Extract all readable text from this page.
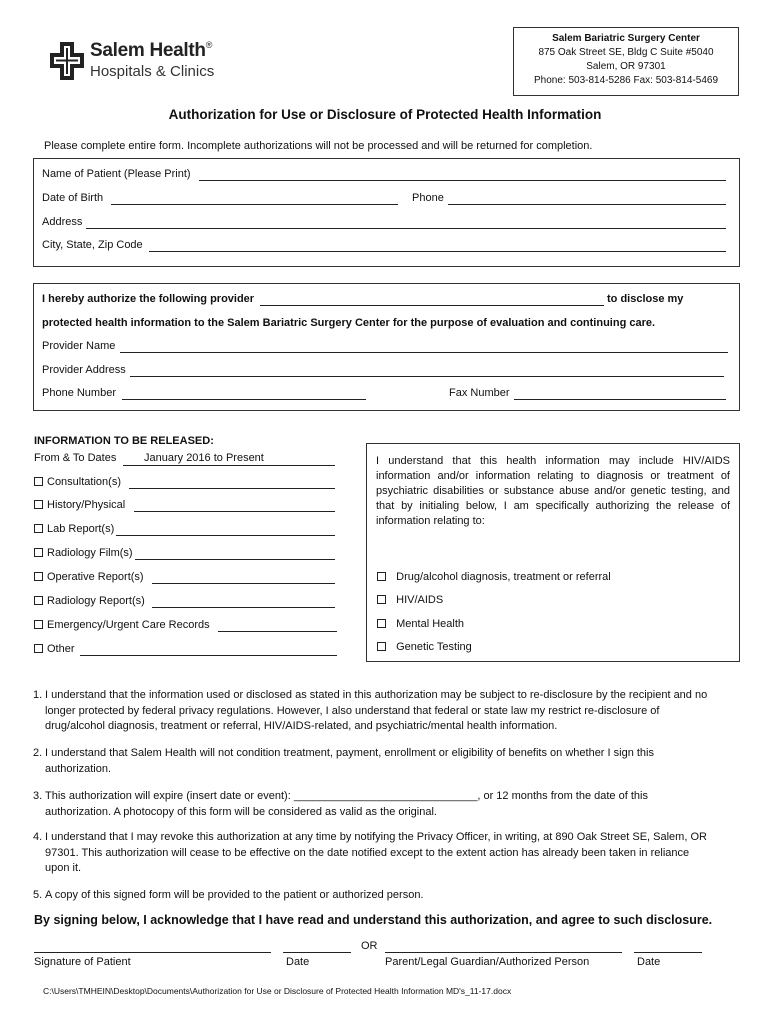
Salem Health®
Hospitals & Clinics
Salem Bariatric Surgery Center
875 Oak Street SE, Bldg C Suite #5040
Salem, OR 97301
Phone: 503-814-5286 Fax: 503-814-5469
Authorization for Use or Disclosure of Protected Health Information
Please complete entire form. Incomplete authorizations will not be processed and will be returned for completion.
Name of Patient (Please Print)
Date of Birth	Phone
Address
City, State, Zip Code
I hereby authorize the following provider	to disclose my
protected health information to the Salem Bariatric Surgery Center for the purpose of evaluation and continuing care.
Provider Name
Provider Address
Phone Number	Fax Number
INFORMATION TO BE RELEASED:
From & To Dates	January 2016 to Present
Consultation(s)
History/Physical
Lab Report(s)
Radiology Film(s)
Operative Report(s)
Radiology Report(s)
Emergency/Urgent Care Records
Other
I understand that this health information may include HIV/AIDS information and/or information relating to diagnosis or treatment of psychiatric disabilities or substance abuse and/or genetic testing, and that by initialing below, I am specifically authorizing the release of information relating to:
Drug/alcohol diagnosis, treatment or referral
HIV/AIDS
Mental Health
Genetic Testing
1. I understand that the information used or disclosed as stated in this authorization may be subject to re-disclosure by the recipient and no longer protected by federal privacy regulations. However, I also understand that federal or state law my restrict re-disclosure of drug/alcohol diagnosis, treatment or referral, HIV/AIDS-related, and psychiatric/mental health information.
2. I understand that Salem Health will not condition treatment, payment, enrollment or eligibility of benefits on whether I sign this authorization.
3. This authorization will expire (insert date or event): ______________________________, or 12 months from the date of this authorization. A photocopy of this form will be considered as valid as the original.
4. I understand that I may revoke this authorization at any time by notifying the Privacy Officer, in writing, at 890 Oak Street SE, Salem, OR 97301. This authorization will cease to be effective on the date notified except to the extent action has already been taken in reliance upon it.
5. A copy of this signed form will be provided to the patient or authorized person.
By signing below, I acknowledge that I have read and understand this authorization, and agree to such disclosure.
OR
Signature of Patient	Date	Parent/Legal Guardian/Authorized Person	Date
C:\Users\TMHEIN\Desktop\Documents\Authorization for Use or Disclosure of Protected Health Information MD's_11-17.docx
